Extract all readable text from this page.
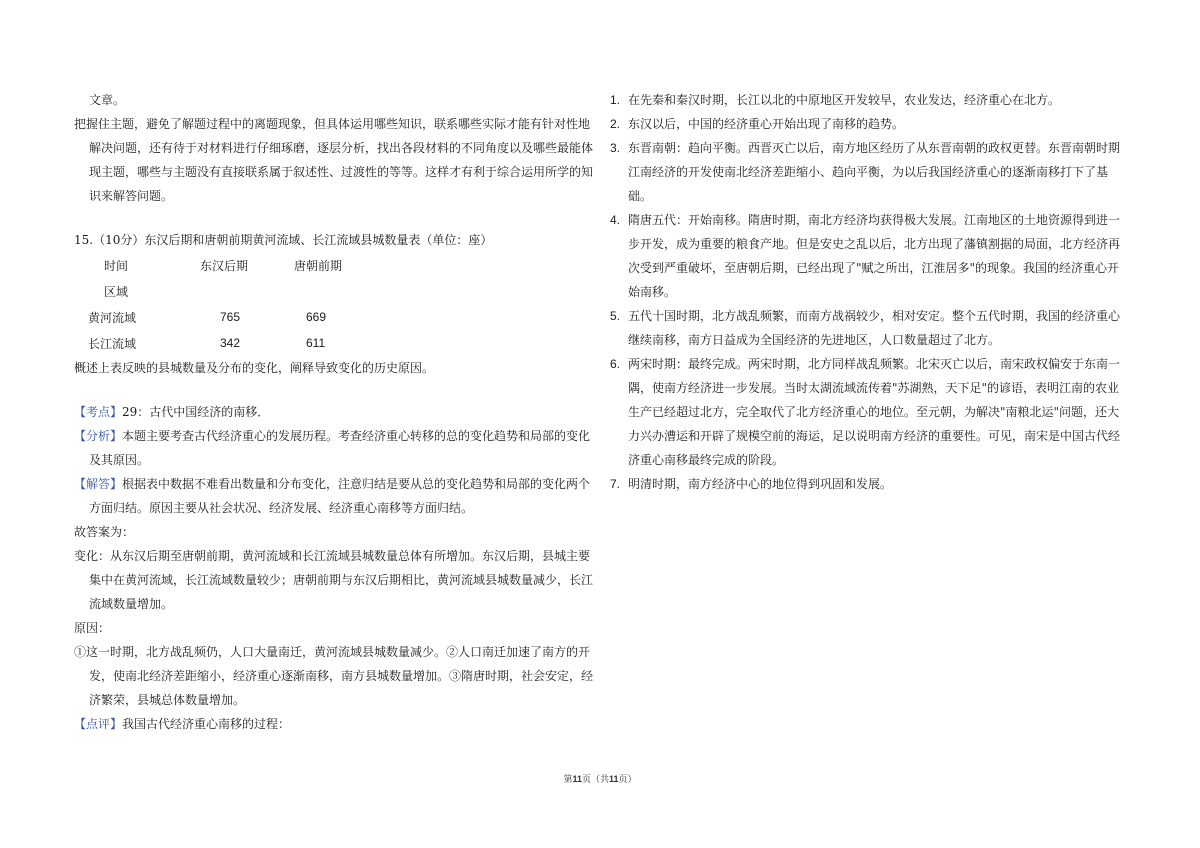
文章。

把握住主题，避免了解题过程中的离题现象，但具体运用哪些知识，联系哪些实际才能有针对性地解决问题，还有待于对材料进行仔细琢磨，逐层分析，找出各段材料的不同角度以及哪些最能体现主题，哪些与主题没有直接联系属于叙述性、过渡性的等等。这样才有利于综合运用所学的知识来解答问题。

15.（10分）东汉后期和唐朝前期黄河流域、长江流域县城数量表（单位：座）

时间	东汉后期	唐朝前期
区域		
黄河流域	765	669
长江流域	342	611

概述上表反映的县城数量及分布的变化，阐释导致变化的历史原因。

【考点】29：古代中国经济的南移．

【分析】本题主要考查古代经济重心的发展历程。考查经济重心转移的总的变化趋势和局部的变化及其原因。

【解答】根据表中数据不难看出数量和分布变化，注意归结是要从总的变化趋势和局部的变化两个方面归结。原因主要从社会状况、经济发展、经济重心南移等方面归结。

故答案为：

变化：从东汉后期至唐朝前期，黄河流域和长江流域县城数量总体有所增加。东汉后期，县城主要集中在黄河流域，长江流域数量较少；唐朝前期与东汉后期相比，黄河流域县城数量减少，长江流域数量增加。

原因：

①这一时期，北方战乱频仍，人口大量南迁，黄河流域县城数量减少。②人口南迁加速了南方的开发，使南北经济差距缩小，经济重心逐渐南移，南方县城数量增加。③隋唐时期，社会安定，经济繁荣，县城总体数量增加。

【点评】我国古代经济重心南移的过程：

1. 在先秦和秦汉时期，长江以北的中原地区开发较早，农业发达，经济重心在北方。
2. 东汉以后，中国的经济重心开始出现了南移的趋势。
3. 东晋南朝：趋向平衡。西晋灭亡以后，南方地区经历了从东晋南朝的政权更替。东晋南朝时期江南经济的开发使南北经济差距缩小、趋向平衡，为以后我国经济重心的逐渐南移打下了基础。
4. 隋唐五代：开始南移。隋唐时期，南北方经济均获得极大发展。江南地区的土地资源得到进一步开发，成为重要的粮食产地。但是安史之乱以后，北方出现了藩镇割据的局面，北方经济再次受到严重破坏，至唐朝后期，已经出现了"赋之所出，江淮居多"的现象。我国的经济重心开始南移。
5. 五代十国时期，北方战乱频繁，而南方战祸较少，相对安定。整个五代时期，我国的经济重心继续南移，南方日益成为全国经济的先进地区，人口数量超过了北方。
6. 两宋时期：最终完成。两宋时期，北方同样战乱频繁。北宋灭亡以后，南宋政权偏安于东南一隅，使南方经济进一步发展。当时太湖流域流传着"苏湖熟，天下足"的谚语，表明江南的农业生产已经超过北方，完全取代了北方经济重心的地位。至元朝，为解决"南粮北运"问题，还大力兴办漕运和开辟了规模空前的海运，足以说明南方经济的重要性。可见，南宋是中国古代经济重心南移最终完成的阶段。
7. 明清时期，南方经济中心的地位得到巩固和发展。
第11页（共11页）
